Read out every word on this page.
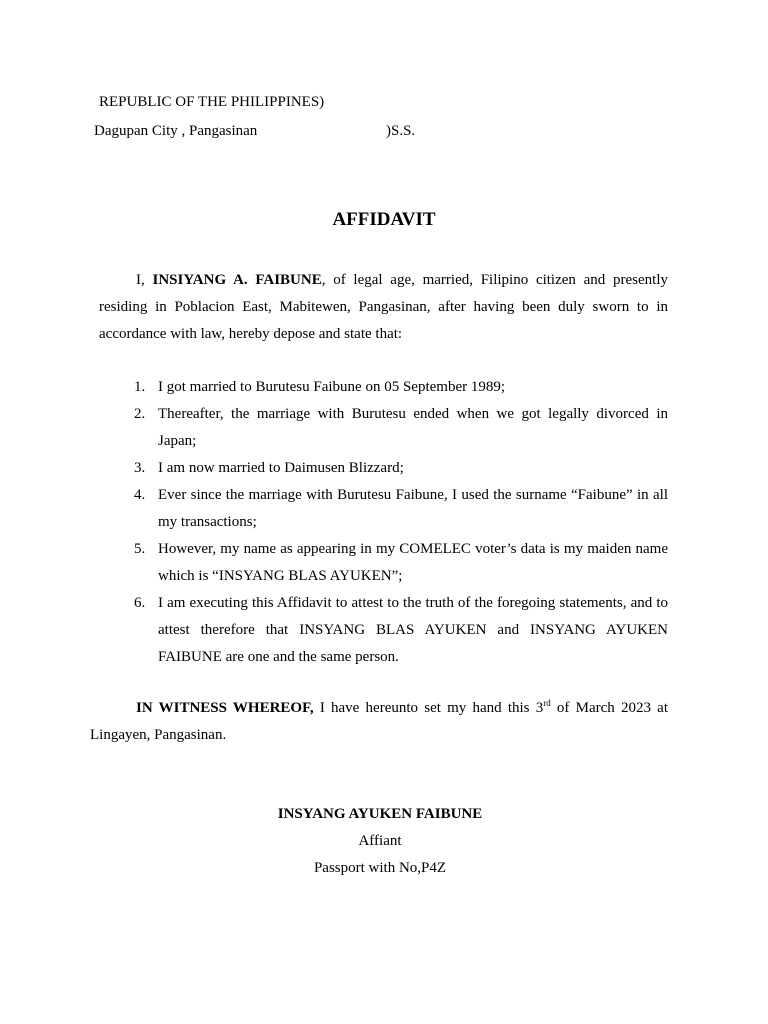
REPUBLIC OF THE PHILIPPINES)
Dagupan City , Pangasinan	)S.S.
AFFIDAVIT

I, INSIYANG A. FAIBUNE, of legal age, married, Filipino citizen and presently residing in Poblacion East, Mabitewen, Pangasinan, after having been duly sworn to in accordance with law, hereby depose and state that:

1. I got married to Burutesu Faibune on 05 September 1989;
2. Thereafter, the marriage with Burutesu ended when we got legally divorced in Japan;
3. I am now married to Daimusen Blizzard;
4. Ever since the marriage with Burutesu Faibune, I used the surname “Faibune” in all my transactions;
5. However, my name as appearing in my COMELEC voter’s data is my maiden name which is “INSYANG BLAS AYUKEN”;
6. I am executing this Affidavit to attest to the truth of the foregoing statements, and to attest therefore that INSYANG BLAS AYUKEN and INSYANG AYUKEN FAIBUNE are one and the same person.

IN WITNESS WHEREOF, I have hereunto set my hand this 3rd of March 2023 at Lingayen, Pangasinan.

INSYANG AYUKEN FAIBUNE
Affiant
Passport with No,P4Z
